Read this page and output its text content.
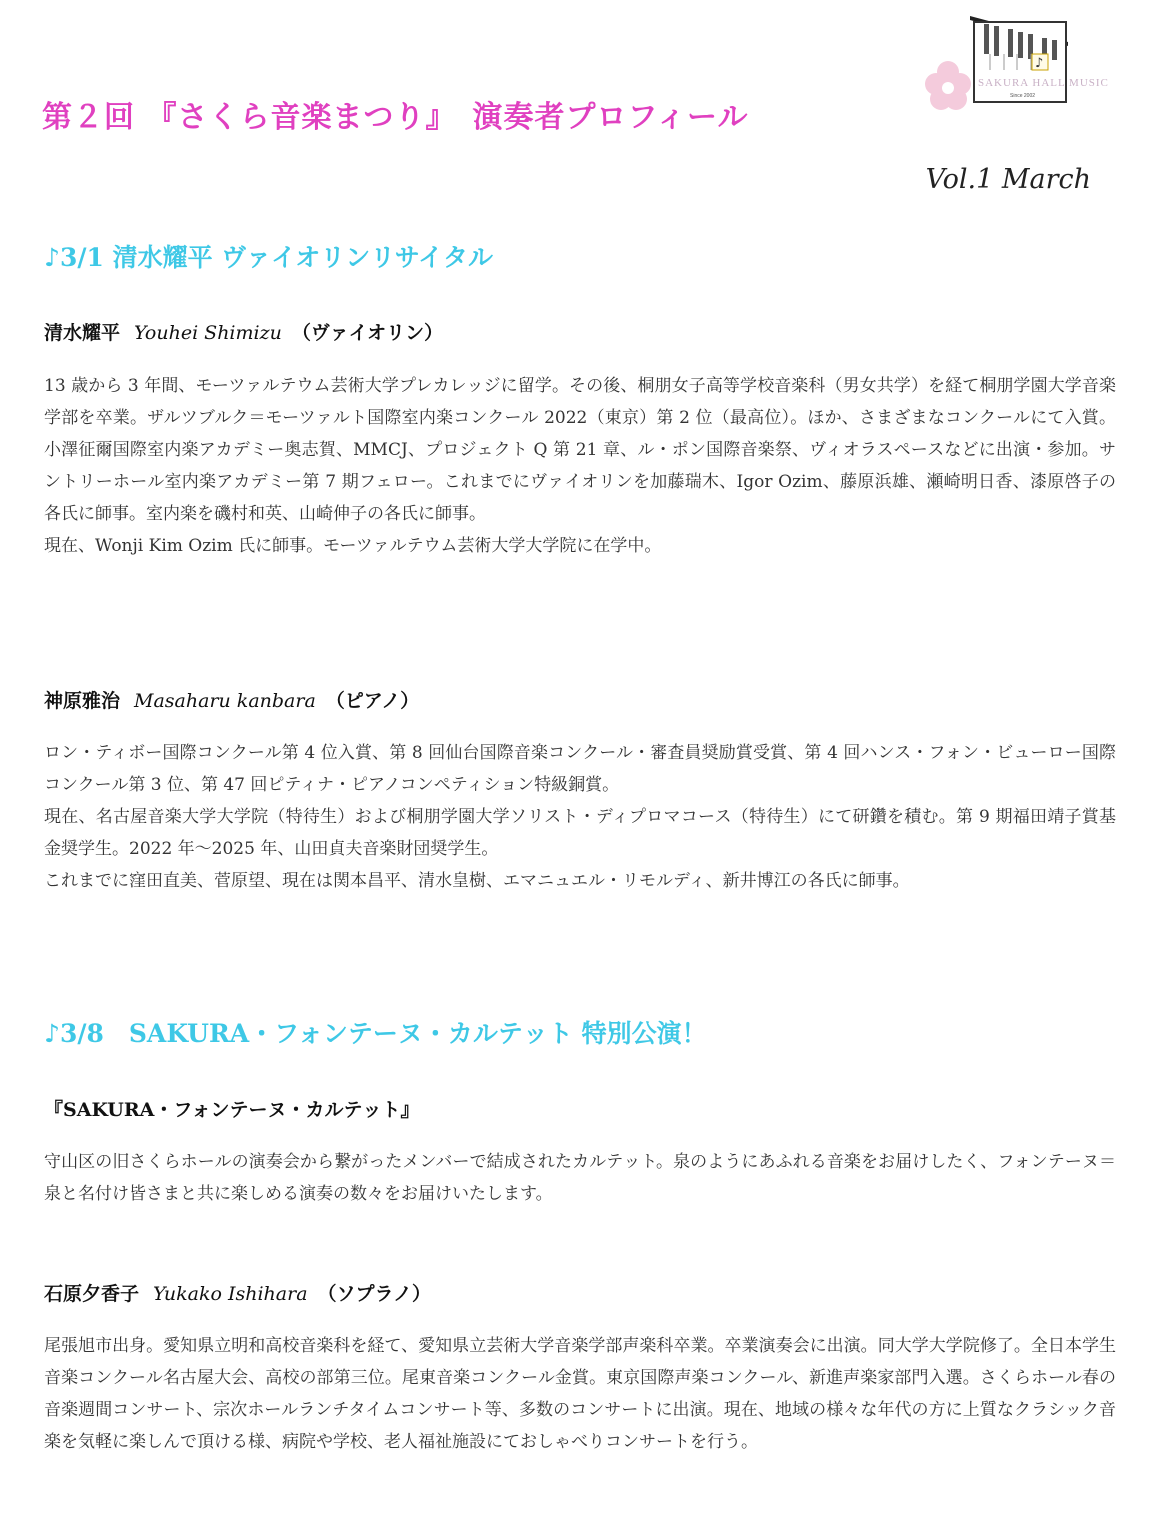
第２回 『さくら音楽まつり』　演奏者プロフィール
♪
SAKURA HALL MUSIC
Since 2002

Vol.1 March

♪3/1 清水耀平 ヴァイオリンリサイタル
清水耀平 Youhei Shimizu （ヴァイオリン）
13 歳から 3 年間、モーツァルテウム芸術大学プレカレッジに留学。その後、桐朋女子高等学校音楽科（男女共学）を経て桐朋学園大学音楽学部を卒業。ザルツブルク＝モーツァルト国際室内楽コンクール 2022（東京）第 2 位（最高位）。ほか、さまざまなコンクールにて入賞。小澤征爾国際室内楽アカデミー奥志賀、MMCJ、プロジェクト Q 第 21 章、ル・ポン国際音楽祭、ヴィオラスペースなどに出演・参加。サントリーホール室内楽アカデミー第 7 期フェロー。これまでにヴァイオリンを加藤瑞木、Igor Ozim、藤原浜雄、瀬崎明日香、漆原啓子の各氏に師事。室内楽を磯村和英、山崎伸子の各氏に師事。
現在、Wonji Kim Ozim 氏に師事。モーツァルテウム芸術大学大学院に在学中。
神原雅治 Masaharu kanbara （ピアノ）
ロン・ティボー国際コンクール第 4 位入賞、第 8 回仙台国際音楽コンクール・審査員奨励賞受賞、第 4 回ハンス・フォン・ビューロー国際コンクール第 3 位、第 47 回ピティナ・ピアノコンペティション特級銅賞。
現在、名古屋音楽大学大学院（特待生）および桐朋学園大学ソリスト・ディプロマコース（特待生）にて研鑽を積む。第 9 期福田靖子賞基金奨学生。2022 年〜2025 年、山田貞夫音楽財団奨学生。
これまでに窪田直美、菅原望、現在は関本昌平、清水皇樹、エマニュエル・リモルディ、新井博江の各氏に師事。
♪3/8　SAKURA・フォンテーヌ・カルテット 特別公演！
『SAKURA・フォンテーヌ・カルテット』
守山区の旧さくらホールの演奏会から繋がったメンバーで結成されたカルテット。泉のようにあふれる音楽をお届けしたく、フォンテーヌ＝泉と名付け皆さまと共に楽しめる演奏の数々をお届けいたします。
石原夕香子 Yukako Ishihara （ソプラノ）
尾張旭市出身。愛知県立明和高校音楽科を経て、愛知県立芸術大学音楽学部声楽科卒業。卒業演奏会に出演。同大学大学院修了。全日本学生音楽コンクール名古屋大会、高校の部第三位。尾東音楽コンクール金賞。東京国際声楽コンクール、新進声楽家部門入選。さくらホール春の音楽週間コンサート、宗次ホールランチタイムコンサート等、多数のコンサートに出演。現在、地域の様々な年代の方に上質なクラシック音楽を気軽に楽しんで頂ける様、病院や学校、老人福祉施設にておしゃべりコンサートを行う。
